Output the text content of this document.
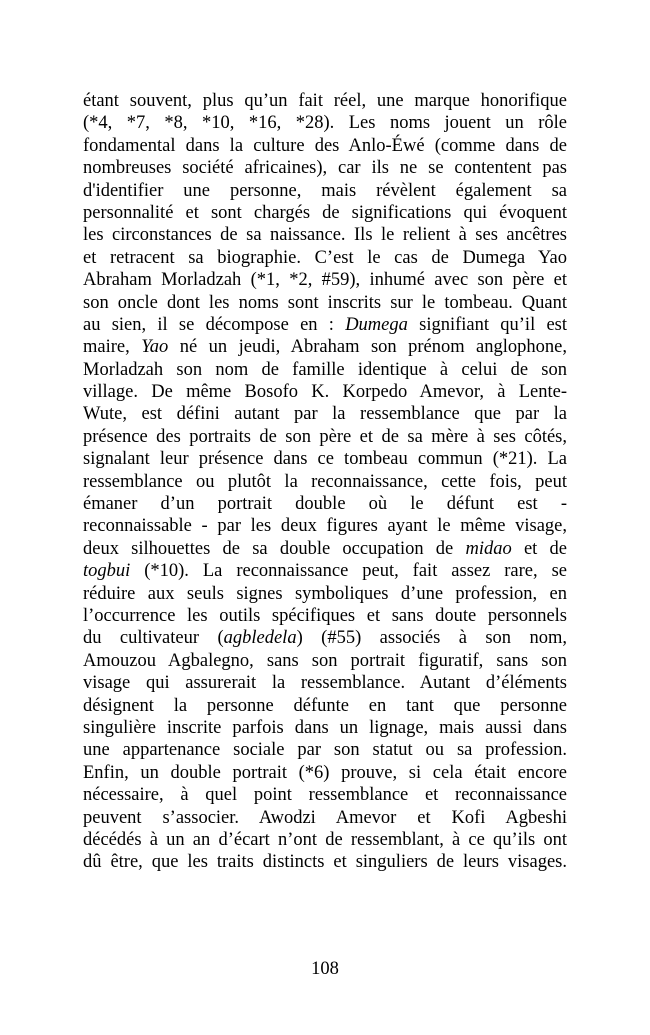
étant souvent, plus qu’un fait réel, une marque honorifique
(*4, *7, *8, *10, *16, *28). Les noms jouent un rôle
fondamental dans la culture des Anlo-Éwé (comme dans de
nombreuses société africaines), car ils ne se contentent pas
d'identifier une personne, mais révèlent également sa
personnalité et sont chargés de significations qui évoquent
les circonstances de sa naissance. Ils le relient à ses ancêtres
et retracent sa biographie. C’est le cas de Dumega Yao
Abraham Morladzah (*1, *2, #59), inhumé avec son père et
son oncle dont les noms sont inscrits sur le tombeau. Quant
au sien, il se décompose en : Dumega signifiant qu’il est
maire, Yao né un jeudi, Abraham son prénom anglophone,
Morladzah son nom de famille identique à celui de son
village. De même Bosofo K. Korpedo Amevor, à Lente-
Wute, est défini autant par la ressemblance que par la
présence des portraits de son père et de sa mère à ses côtés,
signalant leur présence dans ce tombeau commun (*21). La
ressemblance ou plutôt la reconnaissance, cette fois, peut
émaner d’un portrait double où le défunt est -
reconnaissable - par les deux figures ayant le même visage,
deux silhouettes de sa double occupation de midao et de
togbui (*10). La reconnaissance peut, fait assez rare, se
réduire aux seuls signes symboliques d’une profession, en
l’occurrence les outils spécifiques et sans doute personnels
du cultivateur (agbledela) (#55) associés à son nom,
Amouzou Agbalegno, sans son portrait figuratif, sans son
visage qui assurerait la ressemblance. Autant d’éléments
désignent la personne défunte en tant que personne
singulière inscrite parfois dans un lignage, mais aussi dans
une appartenance sociale par son statut ou sa profession.
Enfin, un double portrait (*6) prouve, si cela était encore
nécessaire, à quel point ressemblance et reconnaissance
peuvent s’associer. Awodzi Amevor et Kofi Agbeshi
décédés à un an d’écart n’ont de ressemblant, à ce qu’ils ont
dû être, que les traits distincts et singuliers de leurs visages.
108
